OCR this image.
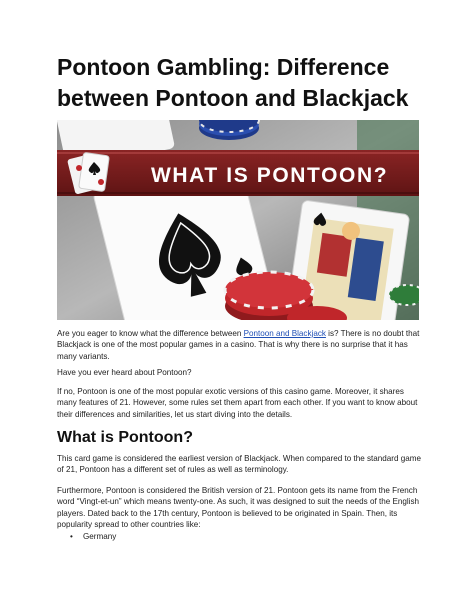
Pontoon Gambling: Difference between Pontoon and Blackjack
WHAT IS PONTOON?

Are you eager to know what the difference between Pontoon and Blackjack is? There is no doubt that Blackjack is one of the most popular games in a casino. That is why there is no surprise that it has many variants.

Have you ever heard about Pontoon?

If no, Pontoon is one of the most popular exotic versions of this casino game. Moreover, it shares many features of 21. However, some rules set them apart from each other. If you want to know about their differences and similarities, let us start diving into the details.

What is Pontoon?

This card game is considered the earliest version of Blackjack. When compared to the standard game of 21, Pontoon has a different set of rules as well as terminology.

Furthermore, Pontoon is considered the British version of 21. Pontoon gets its name from the French word “Vingt-et-un” which means twenty-one. As such, it was designed to suit the needs of the English players. Dated back to the 17th century, Pontoon is believed to be originated in Spain. Then, its popularity spread to other countries like:

• Germany
